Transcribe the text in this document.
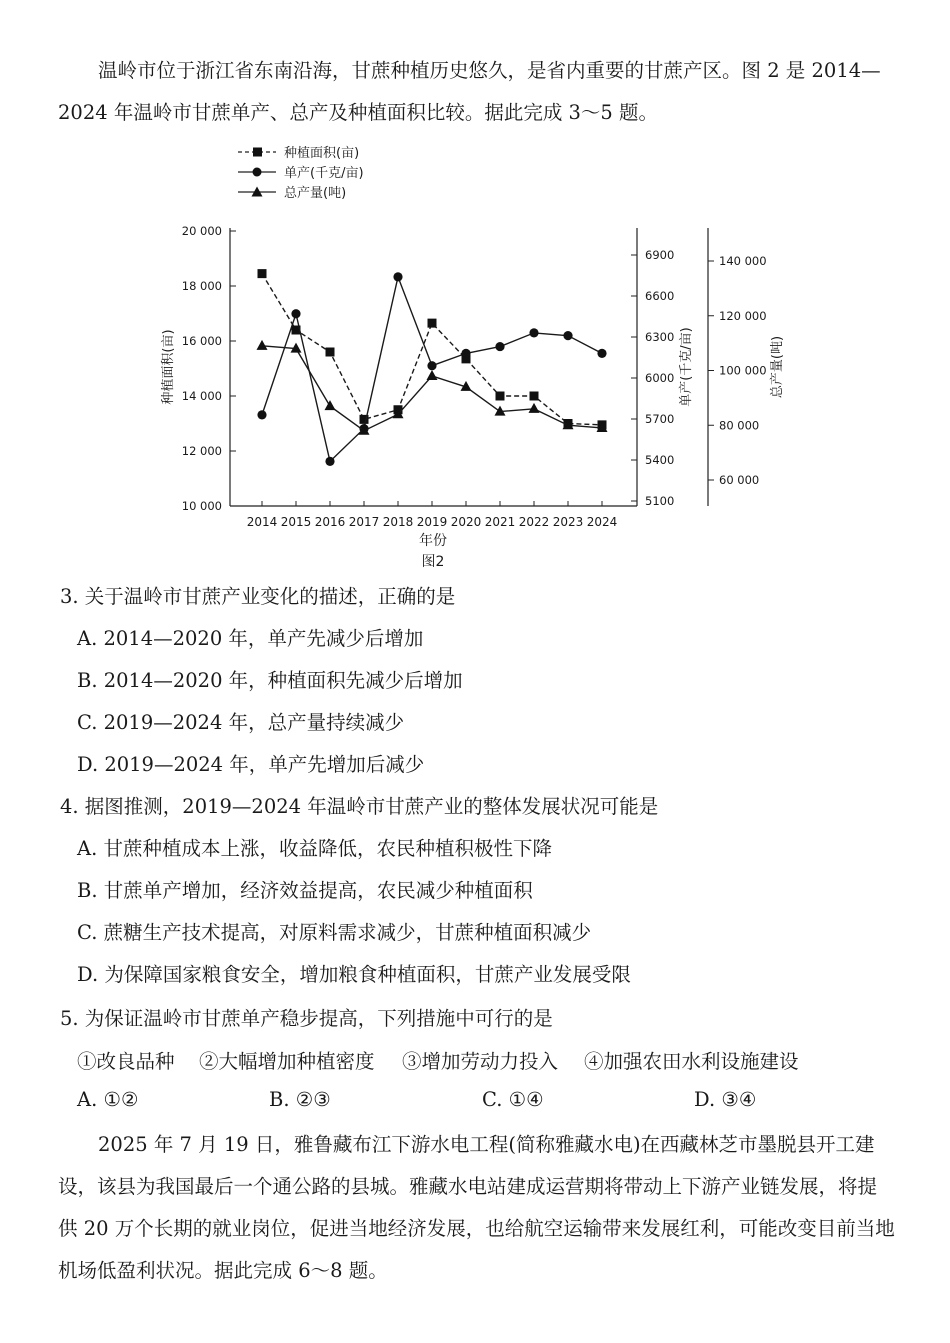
温岭市位于浙江省东南沿海，甘蔗种植历史悠久，是省内重要的甘蔗产区。图 2 是 2014—2024 年温岭市甘蔗单产、总产及种植面积比较。据此完成 3～5 题。

种植面积(亩)
单产(千克/亩)
总产量(吨)
10 000
12 000
14 000
16 000
18 000
20 000
5100
5400
5700
6000
6300
6600
6900
60 000
80 000
100 000
120 000
140 000
2014 2015 2016 2017 2018 2019 2020 2021 2022 2023 2024
种植面积(亩)	单产(千克/亩)	总产量(吨)
年份
图2
3. 关于温岭市甘蔗产业变化的描述，正确的是
A. 2014—2020 年，单产先减少后增加
B. 2014—2020 年，种植面积先减少后增加
C. 2019—2024 年，总产量持续减少
D. 2019—2024 年，单产先增加后减少
4. 据图推测，2019—2024 年温岭市甘蔗产业的整体发展状况可能是
A. 甘蔗种植成本上涨，收益降低，农民种植积极性下降
B. 甘蔗单产增加，经济效益提高，农民减少种植面积
C. 蔗糖生产技术提高，对原料需求减少，甘蔗种植面积减少
D. 为保障国家粮食安全，增加粮食种植面积，甘蔗产业发展受限
5. 为保证温岭市甘蔗单产稳步提高，下列措施中可行的是
①改良品种 ②大幅增加种植密度 ③增加劳动力投入 ④加强农田水利设施建设
A. ①②	B. ②③	C. ①④	D. ③④

2025 年 7 月 19 日，雅鲁藏布江下游水电工程(简称雅藏水电)在西藏林芝市墨脱县开工建设，该县为我国最后一个通公路的县城。雅藏水电站建成运营期将带动上下游产业链发展，将提供 20 万个长期的就业岗位，促进当地经济发展，也给航空运输带来发展红利，可能改变目前当地机场低盈利状况。据此完成 6～8 题。
